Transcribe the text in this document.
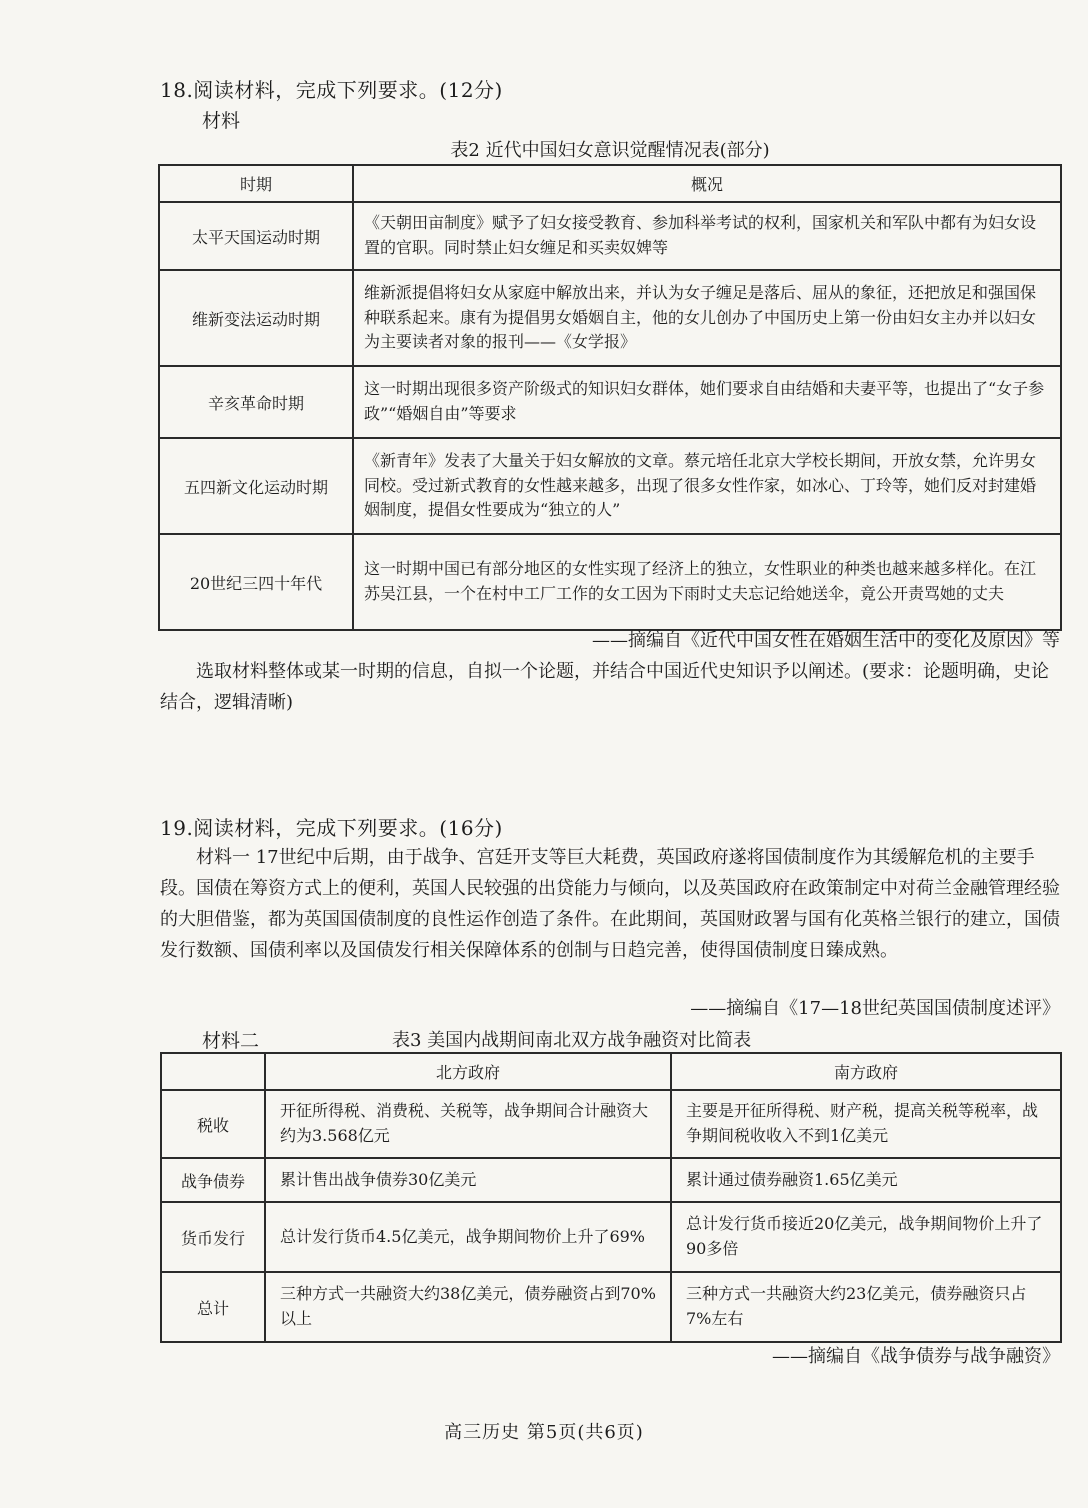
18.阅读材料，完成下列要求。(12分)
材料
表2 近代中国妇女意识觉醒情况表(部分)
时期	概况
太平天国运动时期	《天朝田亩制度》赋予了妇女接受教育、参加科举考试的权利，国家机关和军队中都有为妇女设置的官职。同时禁止妇女缠足和买卖奴婢等
维新变法运动时期	维新派提倡将妇女从家庭中解放出来，并认为女子缠足是落后、屈从的象征，还把放足和强国保种联系起来。康有为提倡男女婚姻自主，他的女儿创办了中国历史上第一份由妇女主办并以妇女为主要读者对象的报刊——《女学报》
辛亥革命时期	这一时期出现很多资产阶级式的知识妇女群体，她们要求自由结婚和夫妻平等，也提出了“女子参政”“婚姻自由”等要求
五四新文化运动时期	《新青年》发表了大量关于妇女解放的文章。蔡元培任北京大学校长期间，开放女禁，允许男女同校。受过新式教育的女性越来越多，出现了很多女性作家，如冰心、丁玲等，她们反对封建婚姻制度，提倡女性要成为“独立的人”
20世纪三四十年代	这一时期中国已有部分地区的女性实现了经济上的独立，女性职业的种类也越来越多样化。在江苏吴江县，一个在村中工厂工作的女工因为下雨时丈夫忘记给她送伞，竟公开责骂她的丈夫
——摘编自《近代中国女性在婚姻生活中的变化及原因》等
选取材料整体或某一时期的信息，自拟一个论题，并结合中国近代史知识予以阐述。(要求：论题明确，史论结合，逻辑清晰)
19.阅读材料，完成下列要求。(16分)
材料一 17世纪中后期，由于战争、宫廷开支等巨大耗费，英国政府遂将国债制度作为其缓解危机的主要手段。国债在筹资方式上的便利，英国人民较强的出贷能力与倾向，以及英国政府在政策制定中对荷兰金融管理经验的大胆借鉴，都为英国国债制度的良性运作创造了条件。在此期间，英国财政署与国有化英格兰银行的建立，国债发行数额、国债利率以及国债发行相关保障体系的创制与日趋完善，使得国债制度日臻成熟。
——摘编自《17—18世纪英国国债制度述评》
材料二	表3 美国内战期间南北双方战争融资对比简表
	北方政府	南方政府
税收	开征所得税、消费税、关税等，战争期间合计融资大约为3.568亿元	主要是开征所得税、财产税，提高关税等税率，战争期间税收收入不到1亿美元
战争债券	累计售出战争债券30亿美元	累计通过债券融资1.65亿美元
货币发行	总计发行货币4.5亿美元，战争期间物价上升了69%	总计发行货币接近20亿美元，战争期间物价上升了90多倍
总计	三种方式一共融资大约38亿美元，债券融资占到70%以上	三种方式一共融资大约23亿美元，债券融资只占7%左右
——摘编自《战争债券与战争融资》
高三历史 第5页(共6页)
